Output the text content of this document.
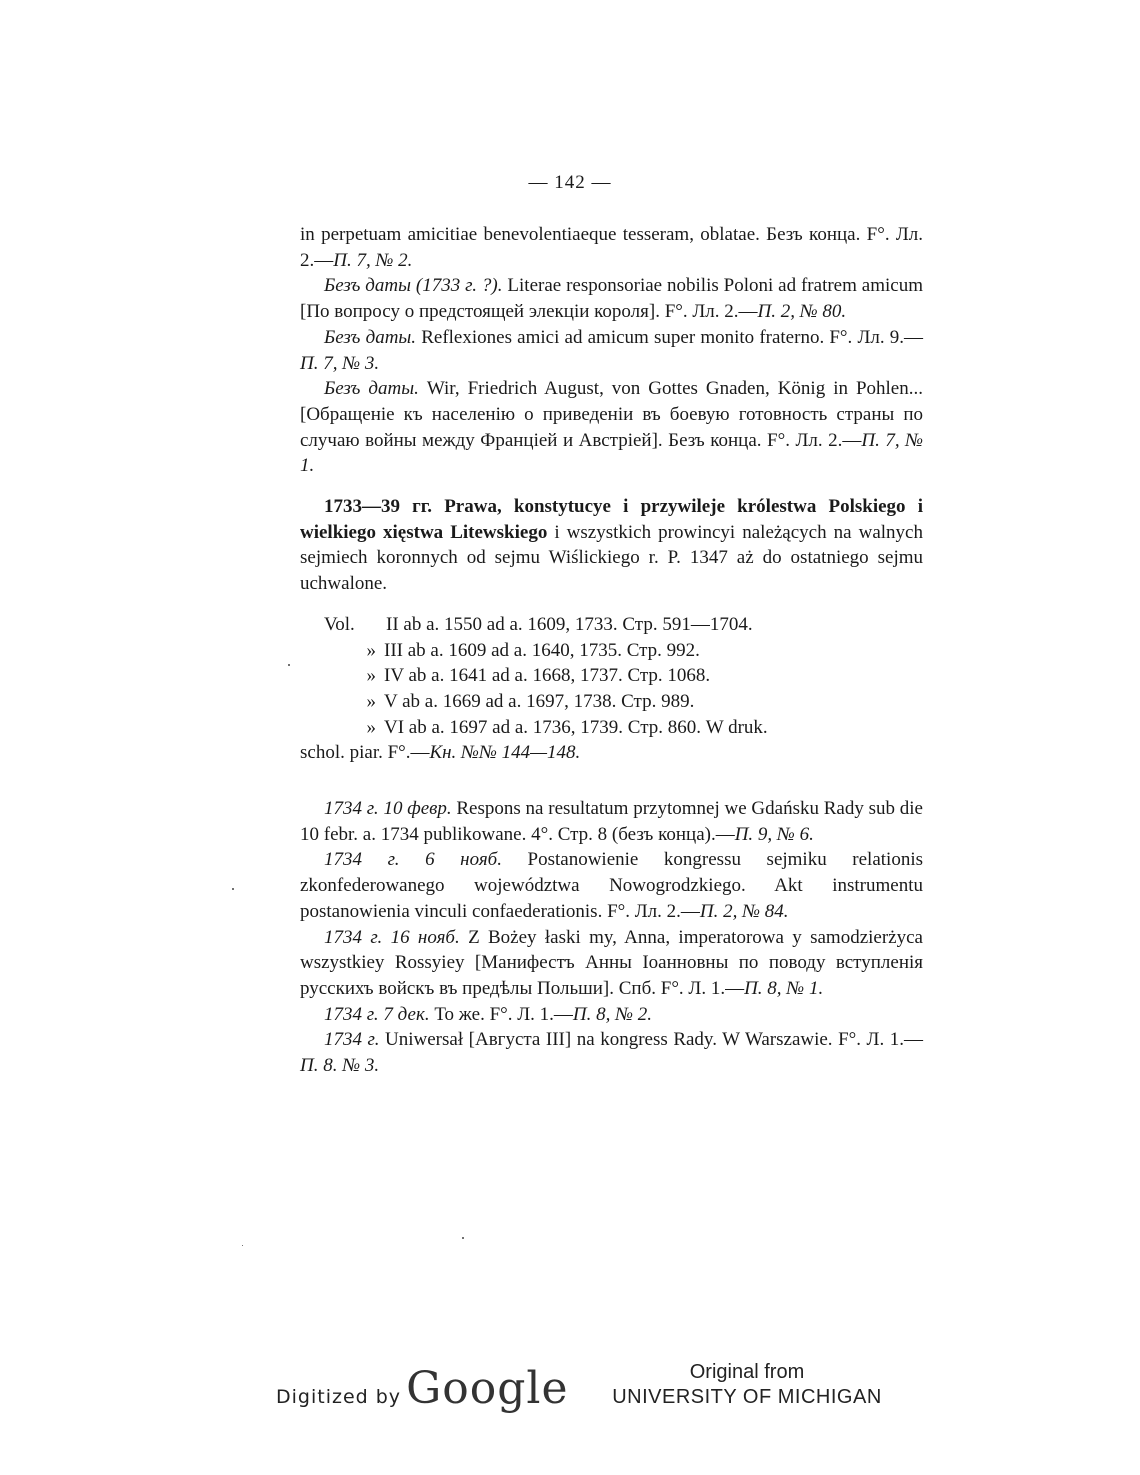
— 142 —

in perpetuam amicitiae benevolentiaeque tesseram, oblatae. Безъ конца. F°. Лл. 2.—П. 7, № 2.

Безъ даты (1733 г. ?). Literae responsoriae nobilis Poloni ad fratrem amicum [По вопросу о предстоящей элекціи короля]. F°. Лл. 2.—П. 2, № 80.

Безъ даты. Reflexiones amici ad amicum super monito fraterno. F°. Лл. 9.—П. 7, № 3.

Безъ даты. Wir, Friedrich August, von Gottes Gnaden, König in Pohlen... [Обращеніе къ населенію о приведеніи въ боевую готовность страны по случаю войны между Франціей и Австріей]. Безъ конца. F°. Лл. 2.—П. 7, № 1.

1733—39 гг. Prawa, konstytucye i przywileje królestwa Polskiego i wielkiego xięstwa Litewskiego i wszystkich prowincyi należących na walnych sejmiech koronnych od sejmu Wiślickiego r. P. 1347 aż do ostatniego sejmu uchwalone.

Vol. II ab a. 1550 ad a. 1609, 1733. Стр. 591—1704.
» III ab a. 1609 ad a. 1640, 1735. Стр. 992.
» IV ab a. 1641 ad a. 1668, 1737. Стр. 1068.
» V ab a. 1669 ad a. 1697, 1738. Стр. 989.
» VI ab a. 1697 ad a. 1736, 1739. Стр. 860. W druk.
schol. piar. F°.—Кн. №№ 144—148.

1734 г. 10 февр. Respons na resultatum przytomnej we Gdańsku Rady sub die 10 febr. a. 1734 publikowane. 4°. Стр. 8 (безъ конца).—П. 9, № 6.

1734 г. 6 нояб. Postanowienie kongressu sejmiku relationis zkonfederowanego województwa Nowogrodzkiego. Akt instrumentu postanowienia vinculi confaederationis. F°. Лл. 2.—П. 2, № 84.

1734 г. 16 нояб. Z Bożey łaski my, Anna, imperatorowa y samodzierżyca wszystkiey Rossyiey [Манифестъ Анны Іоанновны по поводу вступленія русскихъ войскъ въ предѣлы Польши]. Спб. F°. Л. 1.—П. 8, № 1.

1734 г. 7 дек. То же. F°. Л. 1.—П. 8, № 2.

1734 г. Uniwersał [Августа III] na kongress Rady. W Warszawie. F°. Л. 1.—П. 8. № 3.

Digitized by Google	Original from
UNIVERSITY OF MICHIGAN
